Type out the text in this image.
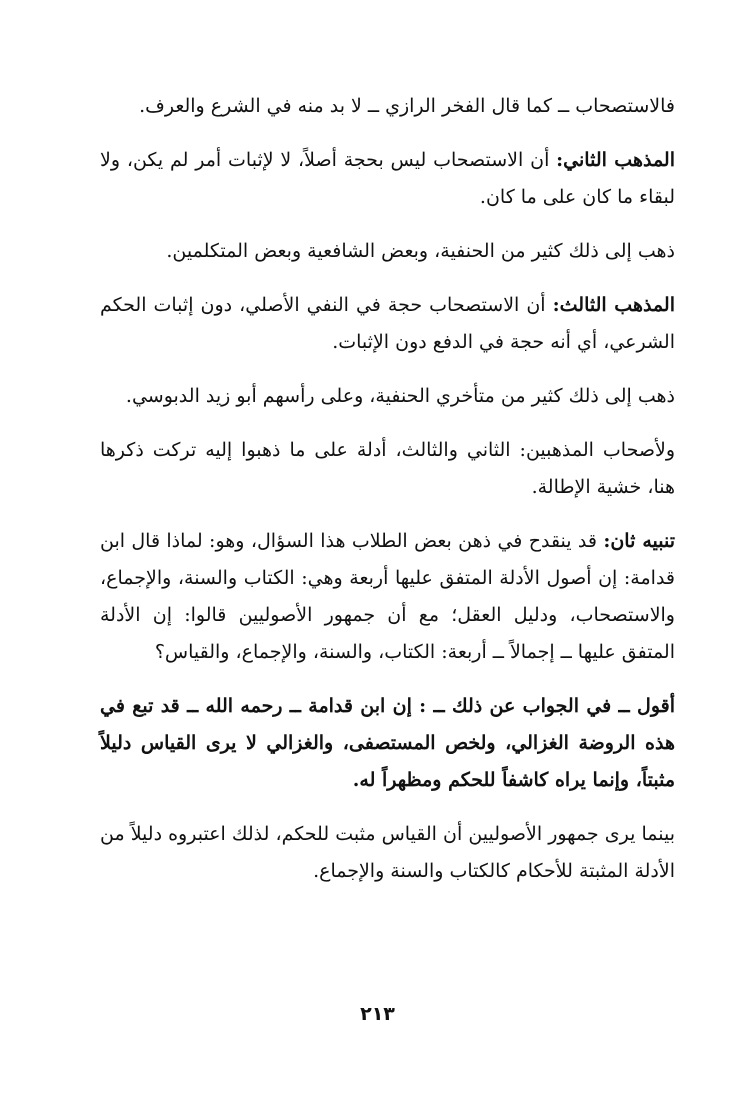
فالاستصحاب ــ كما قال الفخر الرازي ــ لا بد منه في الشرع والعرف.

المذهب الثاني: أن الاستصحاب ليس بحجة أصلاً، لا لإثبات أمر لم يكن، ولا لبقاء ما كان على ما كان.

ذهب إلى ذلك كثير من الحنفية، وبعض الشافعية وبعض المتكلمين.

المذهب الثالث: أن الاستصحاب حجة في النفي الأصلي، دون إثبات الحكم الشرعي، أي أنه حجة في الدفع دون الإثبات.

ذهب إلى ذلك كثير من متأخري الحنفية، وعلى رأسهم أبو زيد الدبوسي.

ولأصحاب المذهبين: الثاني والثالث، أدلة على ما ذهبوا إليه تركت ذكرها هنا، خشية الإطالة.

تنبيه ثان: قد ينقدح في ذهن بعض الطلاب هذا السؤال، وهو: لماذا قال ابن قدامة: إن أصول الأدلة المتفق عليها أربعة وهي: الكتاب والسنة، والإجماع، والاستصحاب، ودليل العقل؛ مع أن جمهور الأصوليين قالوا: إن الأدلة المتفق عليها ــ إجمالاً ــ أربعة: الكتاب، والسنة، والإجماع، والقياس؟

أقول ــ في الجواب عن ذلك ــ : إن ابن قدامة ــ رحمه الله ــ قد تبع في هذه الروضة الغزالي، ولخص المستصفى، والغزالي لا يرى القياس دليلاً مثبتاً، وإنما يراه كاشفاً للحكم ومظهراً له.

بينما يرى جمهور الأصوليين أن القياس مثبت للحكم، لذلك اعتبروه دليلاً من الأدلة المثبتة للأحكام كالكتاب والسنة والإجماع.

٢١٣
